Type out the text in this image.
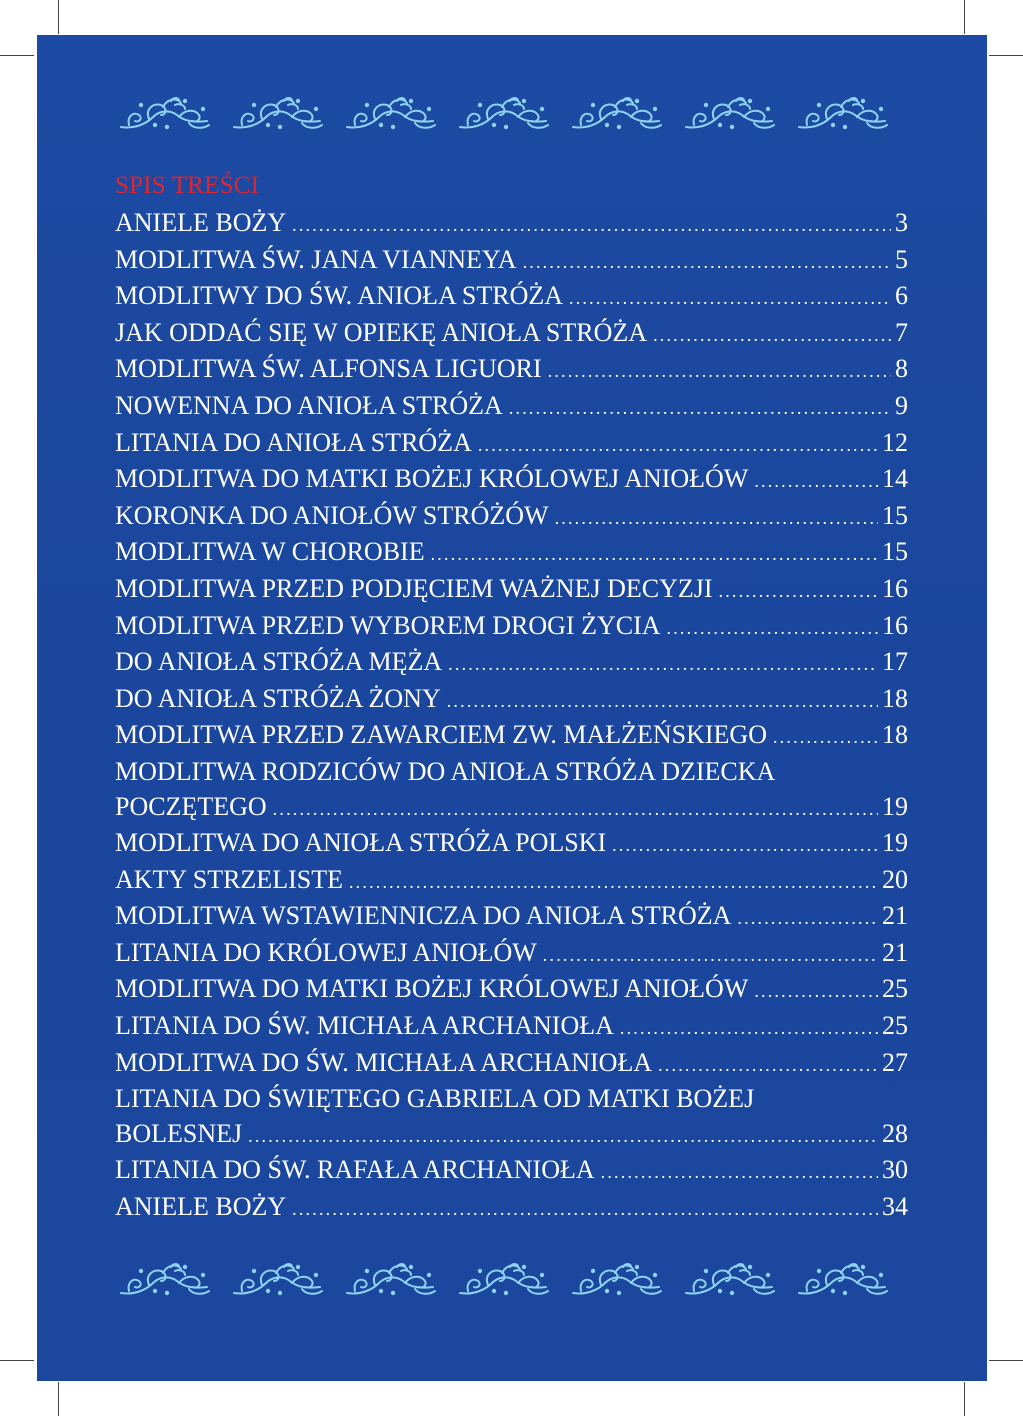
SPIS TREŚCI
ANIELE BOŻY .....	3
MODLITWA ŚW. JANA VIANNEYA .....	5
MODLITWY DO ŚW. ANIOŁA STRÓŻA .....	6
JAK ODDAĆ SIĘ W OPIEKĘ ANIOŁA STRÓŻA .....	7
MODLITWA ŚW. ALFONSA LIGUORI .....	8
NOWENNA DO ANIOŁA STRÓŻA .....	9
LITANIA DO ANIOŁA STRÓŻA .....	12
MODLITWA DO MATKI BOŻEJ KRÓLOWEJ ANIOŁÓW .....	14
KORONKA DO ANIOŁÓW STRÓŻÓW .....	15
MODLITWA W CHOROBIE .....	15
MODLITWA PRZED PODJĘCIEM WAŻNEJ DECYZJI .....	16
MODLITWA PRZED WYBOREM DROGI ŻYCIA .....	16
DO ANIOŁA STRÓŻA MĘŻA .....	17
DO ANIOŁA STRÓŻA ŻONY .....	18
MODLITWA PRZED ZAWARCIEM ZW. MAŁŻEŃSKIEGO .....	18
MODLITWA RODZICÓW DO ANIOŁA STRÓŻA DZIECKA
POCZĘTEGO .....	19
MODLITWA DO ANIOŁA STRÓŻA POLSKI .....	19
AKTY STRZELISTE .....	20
MODLITWA WSTAWIENNICZA DO ANIOŁA STRÓŻA .....	21
LITANIA DO KRÓLOWEJ ANIOŁÓW .....	21
MODLITWA DO MATKI BOŻEJ KRÓLOWEJ ANIOŁÓW .....	25
LITANIA DO ŚW. MICHAŁA ARCHANIOŁA .....	25
MODLITWA DO ŚW. MICHAŁA ARCHANIOŁA .....	27
LITANIA DO ŚWIĘTEGO GABRIELA OD MATKI BOŻEJ
BOLESNEJ .....	28
LITANIA DO ŚW. RAFAŁA ARCHANIOŁA .....	30
ANIELE BOŻY .....	34
